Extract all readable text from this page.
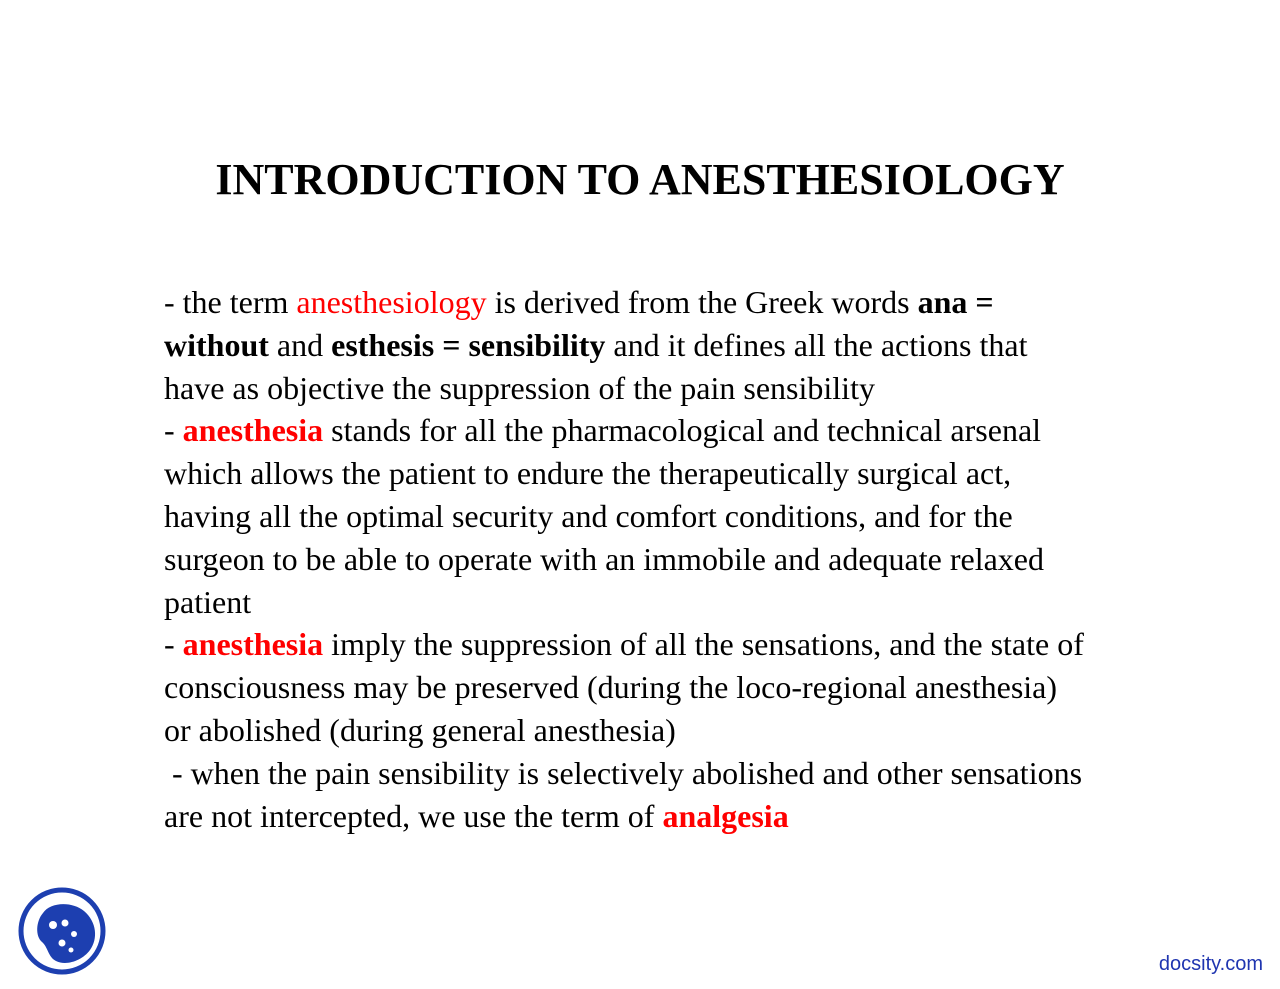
INTRODUCTION TO ANESTHESIOLOGY
- the term anesthesiology is derived from the Greek words ana =
without and esthesis = sensibility and it defines all the actions that
have as objective the suppression of the pain sensibility
- anesthesia stands for all the pharmacological and technical arsenal
which allows the patient to endure the therapeutically surgical act,
having all the optimal security and comfort conditions, and for the
surgeon to be able to operate with an immobile and adequate relaxed
patient
- anesthesia imply the suppression of all the sensations, and the state of
consciousness may be preserved (during the loco-regional anesthesia)
or abolished (during general anesthesia)
- when the pain sensibility is selectively abolished and other sensations
are not intercepted, we use the term of analgesia
docsity.com
